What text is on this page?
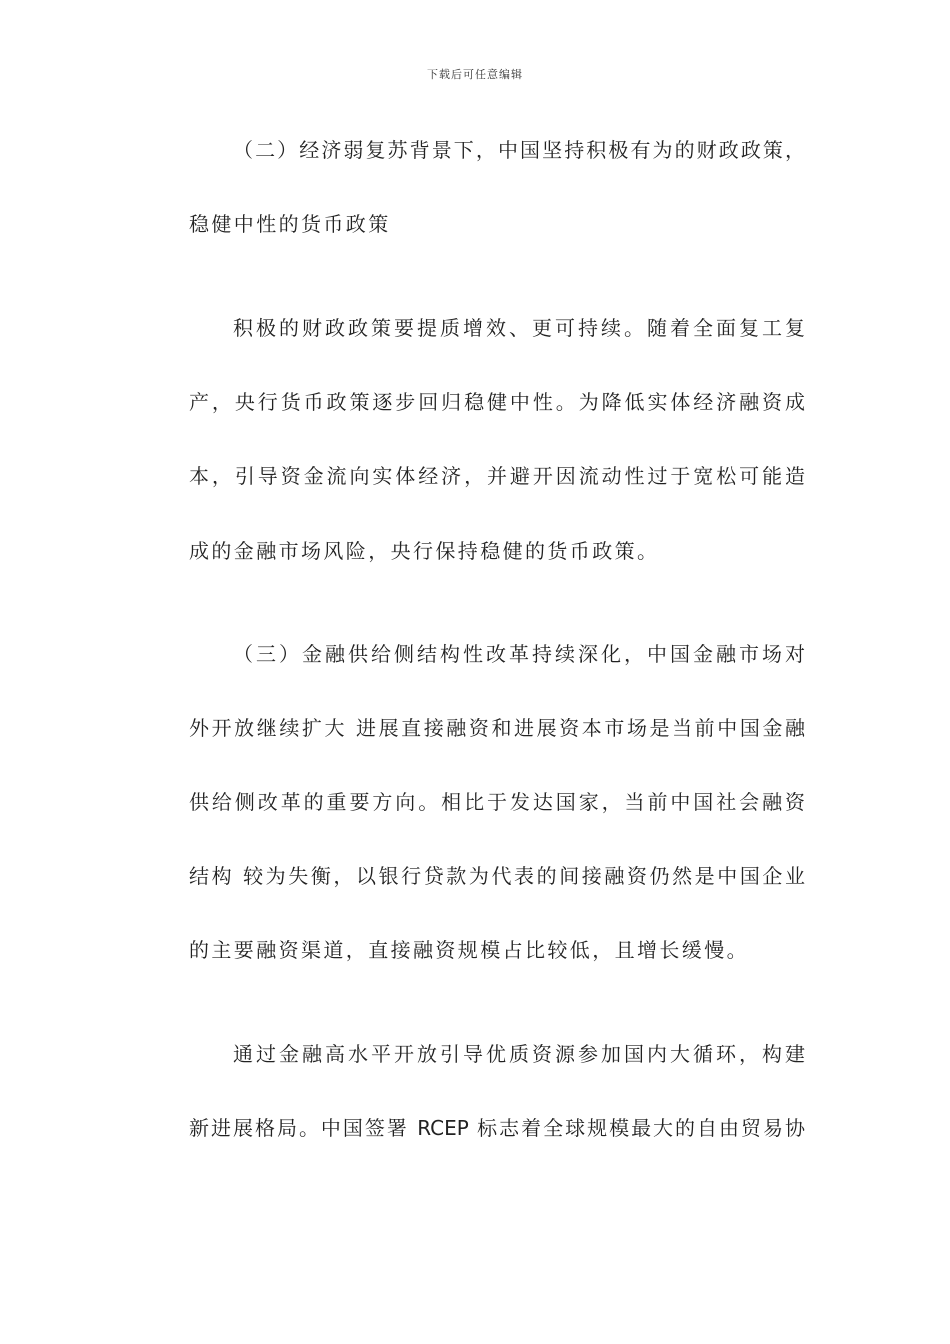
下载后可任意编辑
（二）经济弱复苏背景下，中国坚持积极有为的财政政策，
稳健中性的货币政策
积极的财政政策要提质增效、更可持续。随着全面复工复
产，央行货币政策逐步回归稳健中性。为降低实体经济融资成
本，引导资金流向实体经济，并避开因流动性过于宽松可能造
成的金融市场风险，央行保持稳健的货币政策。
（三）金融供给侧结构性改革持续深化，中国金融市场对
外开放继续扩大 进展直接融资和进展资本市场是当前中国金融
供给侧改革的重要方向。相比于发达国家，当前中国社会融资
结构 较为失衡，以银行贷款为代表的间接融资仍然是中国企业
的主要融资渠道，直接融资规模占比较低，且增长缓慢。
通过金融高水平开放引导优质资源参加国内大循环，构建
新进展格局。中国签署 RCEP 标志着全球规模最大的自由贸易协
